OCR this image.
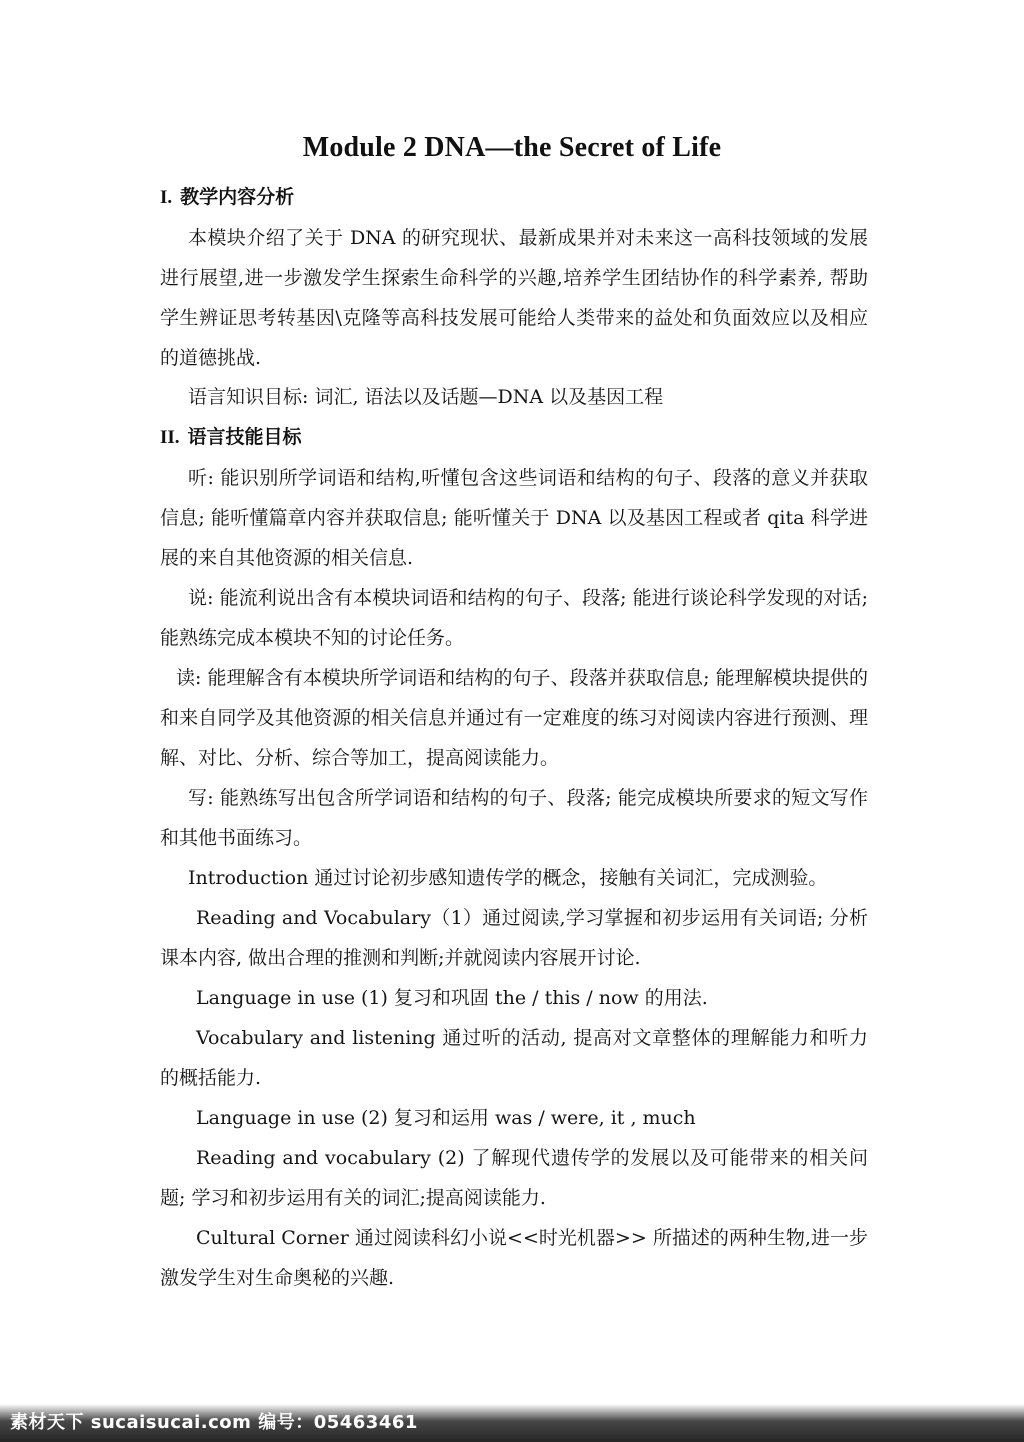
Module 2 DNA—the Secret of Life
I. 教学内容分析
本模块介绍了关于 DNA 的研究现状、最新成果并对未来这一高科技领域的发展进行展望,进一步激发学生探索生命科学的兴趣,培养学生团结协作的科学素养, 帮助学生辨证思考转基因\克隆等高科技发展可能给人类带来的益处和负面效应以及相应的道德挑战.
语言知识目标: 词汇, 语法以及话题—DNA 以及基因工程
II. 语言技能目标
听: 能识别所学词语和结构,听懂包含这些词语和结构的句子、段落的意义并获取信息; 能听懂篇章内容并获取信息; 能听懂关于 DNA 以及基因工程或者 qita 科学进展的来自其他资源的相关信息.
说: 能流利说出含有本模块词语和结构的句子、段落; 能进行谈论科学发现的对话; 能熟练完成本模块不知的讨论任务。
读: 能理解含有本模块所学词语和结构的句子、段落并获取信息; 能理解模块提供的和来自同学及其他资源的相关信息并通过有一定难度的练习对阅读内容进行预测、理解、对比、分析、综合等加工，提高阅读能力。
写: 能熟练写出包含所学词语和结构的句子、段落; 能完成模块所要求的短文写作和其他书面练习。
Introduction 通过讨论初步感知遗传学的概念，接触有关词汇，完成测验。
Reading and Vocabulary（1）通过阅读,学习掌握和初步运用有关词语; 分析课本内容, 做出合理的推测和判断;并就阅读内容展开讨论.
Language in use (1) 复习和巩固 the / this / now 的用法.
Vocabulary and listening 通过听的活动, 提高对文章整体的理解能力和听力的概括能力.
Language in use (2) 复习和运用 was / were, it , much
Reading and vocabulary (2) 了解现代遗传学的发展以及可能带来的相关问题; 学习和初步运用有关的词汇;提高阅读能力.
Cultural Corner 通过阅读科幻小说<<时光机器>> 所描述的两种生物,进一步激发学生对生命奥秘的兴趣.
素材天下 sucaisucai.com 编号：05463461
